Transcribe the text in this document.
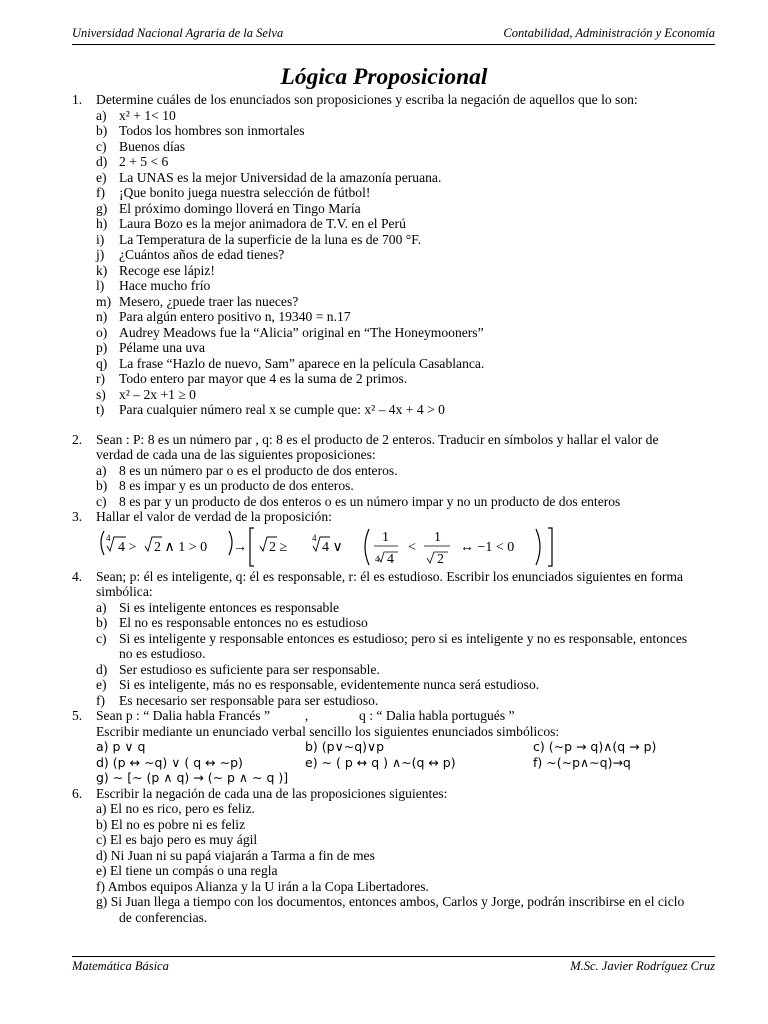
Universidad Nacional Agraria de la Selva	Contabilidad, Administración y Economía
Lógica Proposicional
1. Determine cuáles de los enunciados son proposiciones y escriba la negación de aquellos que lo son:
a) x² + 1< 10
b) Todos los hombres son inmortales
c) Buenos días
d) 2 + 5 < 6
e) La UNAS es la mejor Universidad de la amazonía peruana.
f) ¡Que bonito juega nuestra selección de fútbol!
g) El próximo domingo lloverá en Tingo María
h) Laura Bozo es la mejor animadora de T.V. en el Perú
i) La Temperatura de la superficie de la luna es de 700 °F.
j) ¿Cuántos años de edad tienes?
k) Recoge ese lápiz!
l) Hace mucho frío
m) Mesero, ¿puede traer las nueces?
n) Para algún entero positivo n, 19340 = n.17
o) Audrey Meadows fue la “Alicia” original en “The Honeymooners”
p) Pélame una uva
q) La frase “Hazlo de nuevo, Sam” aparece en la película Casablanca.
r) Todo entero par mayor que 4 es la suma de 2 primos.
s) x² – 2x +1 ≥ 0
t) Para cualquier número real x se cumple que: x² – 4x + 4 > 0
2. Sean : P: 8 es un número par , q: 8 es el producto de 2 enteros. Traducir en símbolos y hallar el valor de
verdad de cada una de las siguientes proposiciones:
a) 8 es un número par o es el producto de dos enteros.
b) 8 es impar y es un producto de dos enteros.
c) 8 es par y un producto de dos enteros o es un número impar y no un producto de dos enteros
3. Hallar el valor de verdad de la proposición:
4
4 > 2 ∧ 1 > 0 → 2 ≥
4
4 ∨
1
4 4
<
1
2
↔ −1 < 0
4. Sean; p: él es inteligente, q: él es responsable, r: él es estudioso. Escribir los enunciados siguientes en forma
simbólica:
a) Si es inteligente entonces es responsable
b) El no es responsable entonces no es estudioso
c) Si es inteligente y responsable entonces es estudioso; pero si es inteligente y no es responsable, entonces
no es estudioso.
d) Ser estudioso es suficiente para ser responsable.
e) Si es inteligente, más no es responsable, evidentemente nunca será estudioso.
f) Es necesario ser responsable para ser estudioso.
5. Sean p : “ Dalia habla Francés ”	,	q : “ Dalia habla portugués ”
Escribir mediante un enunciado verbal sencillo los siguientes enunciados simbólicos:
a) p ∨ q	b) (p∨∼q)∨p	c) (∼p → q)∧(q → p)
d) (p ↔ ∼q) ∨ ( q ↔ ∼p)	e) ∼ ( p ↔ q ) ∧∼(q ↔ p)	f) ∼(∼p∧∼q)→q
g) ∼ [∼ (p ∧ q) → (∼ p ∧ ∼ q )]
6. Escribir la negación de cada una de las proposiciones siguientes:
a) El no es rico, pero es feliz.
b) El no es pobre ni es feliz
c) El es bajo pero es muy ágil
d) Ni Juan ni su papá viajarán a Tarma a fin de mes
e) El tiene un compás o una regla
f) Ambos equipos Alianza y la U irán a la Copa Libertadores.
g) Si Juan llega a tiempo con los documentos, entonces ambos, Carlos y Jorge, podrán inscribirse en el ciclo
de conferencias.
Matemática Básica	M.Sc. Javier Rodríguez Cruz
